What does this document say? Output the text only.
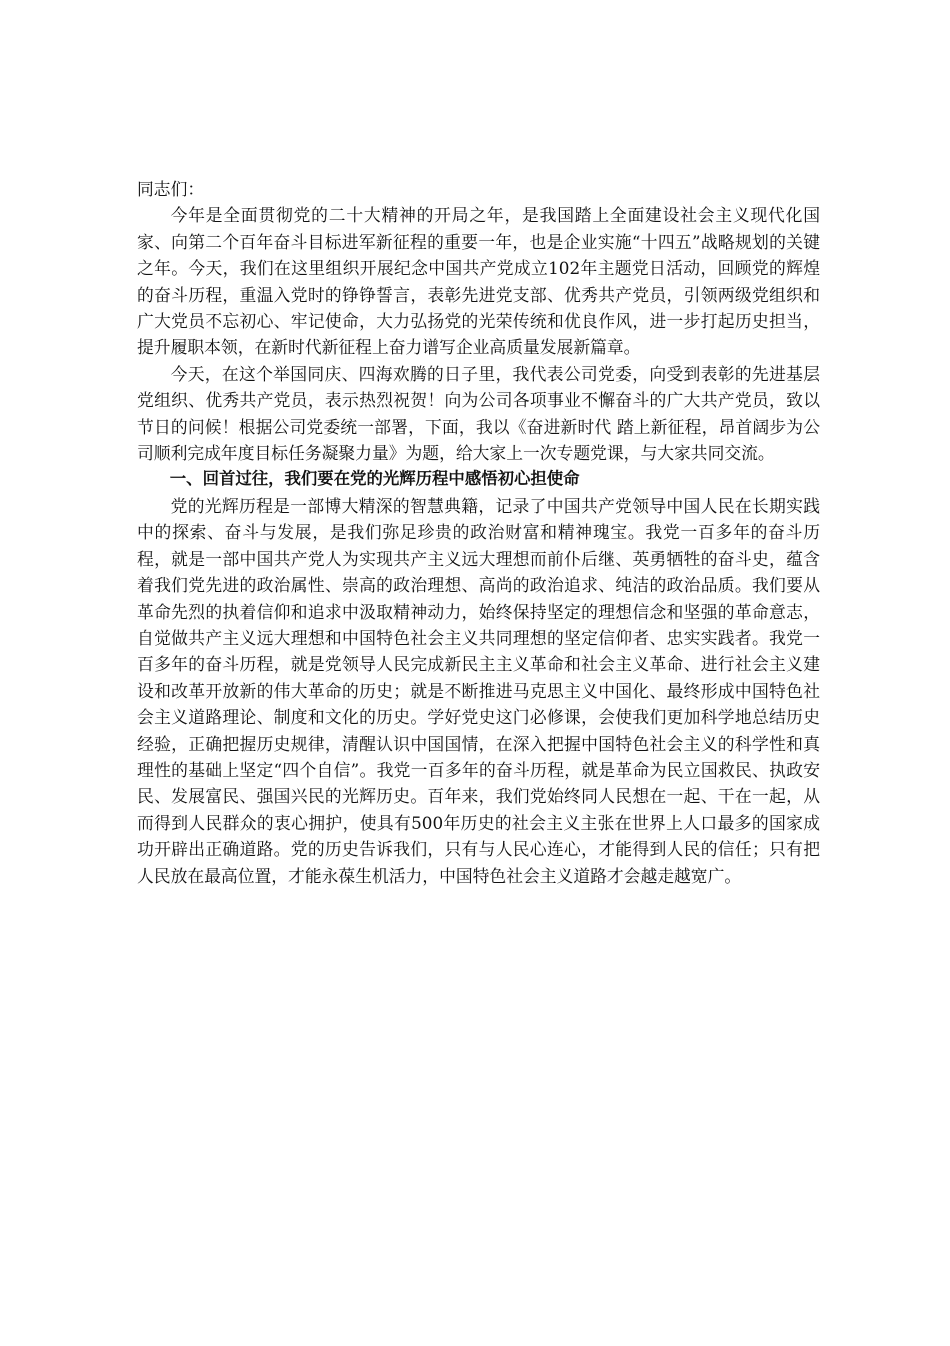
同志们：

今年是全面贯彻党的二十大精神的开局之年，是我国踏上全面建设社会主义现代化国家、向第二个百年奋斗目标进军新征程的重要一年，也是企业实施“十四五”战略规划的关键之年。今天，我们在这里组织开展纪念中国共产党成立102年主题党日活动，回顾党的辉煌的奋斗历程，重温入党时的铮铮誓言，表彰先进党支部、优秀共产党员，引领两级党组织和广大党员不忘初心、牢记使命，大力弘扬党的光荣传统和优良作风，进一步打起历史担当，提升履职本领，在新时代新征程上奋力谱写企业高质量发展新篇章。

今天，在这个举国同庆、四海欢腾的日子里，我代表公司党委，向受到表彰的先进基层党组织、优秀共产党员，表示热烈祝贺！向为公司各项事业不懈奋斗的广大共产党员，致以节日的问候！根据公司党委统一部署，下面，我以《奋进新时代 踏上新征程，昂首阔步为公司顺利完成年度目标任务凝聚力量》为题，给大家上一次专题党课，与大家共同交流。

一、回首过往，我们要在党的光辉历程中感悟初心担使命

党的光辉历程是一部博大精深的智慧典籍，记录了中国共产党领导中国人民在长期实践中的探索、奋斗与发展，是我们弥足珍贵的政治财富和精神瑰宝。我党一百多年的奋斗历程，就是一部中国共产党人为实现共产主义远大理想而前仆后继、英勇牺牲的奋斗史，蕴含着我们党先进的政治属性、崇高的政治理想、高尚的政治追求、纯洁的政治品质。我们要从革命先烈的执着信仰和追求中汲取精神动力，始终保持坚定的理想信念和坚强的革命意志，自觉做共产主义远大理想和中国特色社会主义共同理想的坚定信仰者、忠实实践者。我党一百多年的奋斗历程，就是党领导人民完成新民主主义革命和社会主义革命、进行社会主义建设和改革开放新的伟大革命的历史；就是不断推进马克思主义中国化、最终形成中国特色社会主义道路理论、制度和文化的历史。学好党史这门必修课，会使我们更加科学地总结历史经验，正确把握历史规律，清醒认识中国国情，在深入把握中国特色社会主义的科学性和真理性的基础上坚定“四个自信”。我党一百多年的奋斗历程，就是革命为民立国救民、执政安民、发展富民、强国兴民的光辉历史。百年来，我们党始终同人民想在一起、干在一起，从而得到人民群众的衷心拥护，使具有500年历史的社会主义主张在世界上人口最多的国家成功开辟出正确道路。党的历史告诉我们，只有与人民心连心，才能得到人民的信任；只有把人民放在最高位置，才能永葆生机活力，中国特色社会主义道路才会越走越宽广。
